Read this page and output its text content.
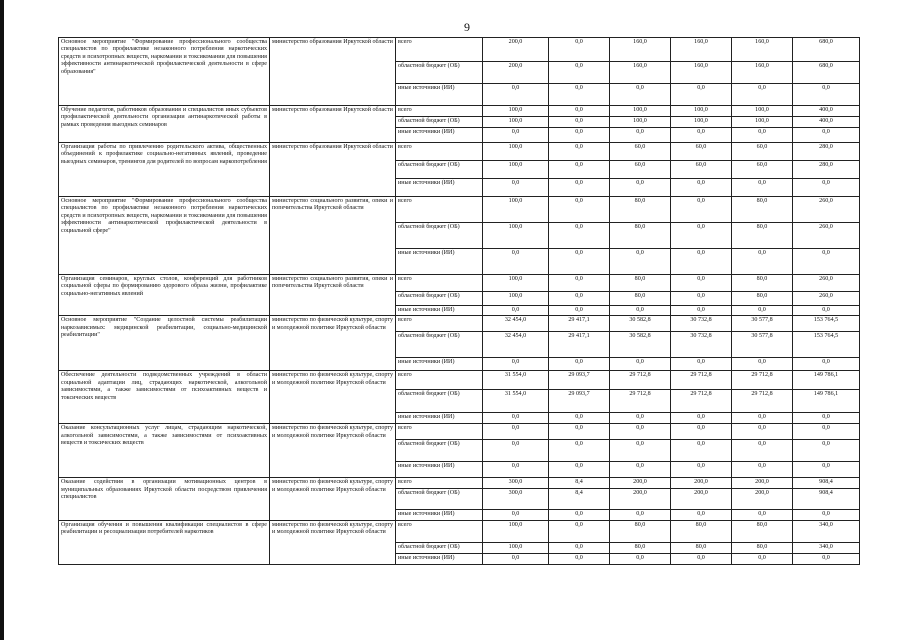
9
Основное мероприятие "Формирование профессионального сообщества специалистов по профилактике незаконного потребления наркотических средств и психотропных веществ, наркомании и токсикомании для повышения эффективности антинаркотической профилактической деятельности в сфере образования"	министерство образования Иркутской области	всего	200,0	0,0	160,0	160,0	160,0	680,0
		областной бюджет (ОБ)	200,0	0,0	160,0	160,0	160,0	680,0
		иные источники (ИИ)	0,0	0,0	0,0	0,0	0,0	0,0
Обучение педагогов, работников образования и специалистов иных субъектов профилактической деятельности организации антинаркотической работы в рамках проведения выездных семинаров	министерство образования Иркутской области	всего	100,0	0,0	100,0	100,0	100,0	400,0
		областной бюджет (ОБ)	100,0	0,0	100,0	100,0	100,0	400,0
		иные источники (ИИ)	0,0	0,0	0,0	0,0	0,0	0,0
Организация работы по привлечению родительского актива, общественных объединений к профилактике социально-негативных явлений, проведение выездных семинаров, тренингов для родителей по вопросам наркопотребления	министерство образования Иркутской области	всего	100,0	0,0	60,0	60,0	60,0	280,0
		областной бюджет (ОБ)	100,0	0,0	60,0	60,0	60,0	280,0
		иные источники (ИИ)	0,0	0,0	0,0	0,0	0,0	0,0
Основное мероприятие "Формирование профессионального сообщества специалистов по профилактике незаконного потребления наркотических средств и психотропных веществ, наркомании и токсикомании для повышения эффективности антинаркотической профилактической деятельности в социальной сфере"	министерство социального развития, опеки и попечительства Иркутской области	всего	100,0	0,0	80,0	0,0	80,0	260,0
		областной бюджет (ОБ)	100,0	0,0	80,0	0,0	80,0	260,0
		иные источники (ИИ)	0,0	0,0	0,0	0,0	0,0	0,0
Организация семинаров, круглых столов, конференций для работников социальной сферы по формированию здорового образа жизни, профилактике социально-негативных явлений	министерство социального развития, опеки и попечительства Иркутской области	всего	100,0	0,0	80,0	0,0	80,0	260,0
		областной бюджет (ОБ)	100,0	0,0	80,0	0,0	80,0	260,0
		иные источники (ИИ)	0,0	0,0	0,0	0,0	0,0	0,0
Основное мероприятие "Создание целостной системы реабилитации наркозависимых: медицинской реабилитации, социально-медицинской реабилитации"	министерство по физической культуре, спорту и молодежной политике Иркутской области	всего	32 454,0	29 417,1	30 582,8	30 732,8	30 577,8	153 764,5
		областной бюджет (ОБ)	32 454,0	29 417,1	30 582,8	30 732,8	30 577,8	153 764,5
		иные источники (ИИ)	0,0	0,0	0,0	0,0	0,0	0,0
Обеспечение деятельности подведомственных учреждений в области социальной адаптации лиц, страдающих наркотической, алкогольной зависимостями, а также зависимостями от психоактивных веществ и токсических веществ	министерство по физической культуре, спорту и молодежной политике Иркутской области	всего	31 554,0	29 093,7	29 712,8	29 712,8	29 712,8	149 786,1
		областной бюджет (ОБ)	31 554,0	29 093,7	29 712,8	29 712,8	29 712,8	149 786,1
		иные источники (ИИ)	0,0	0,0	0,0	0,0	0,0	0,0
Оказание консультационных услуг лицам, страдающим наркотической, алкогольной зависимостями, а также зависимостями от психоактивных веществ и токсических веществ	министерство по физической культуре, спорту и молодежной политике Иркутской области	всего	0,0	0,0	0,0	0,0	0,0	0,0
		областной бюджет (ОБ)	0,0	0,0	0,0	0,0	0,0	0,0
		иные источники (ИИ)	0,0	0,0	0,0	0,0	0,0	0,0
Оказание содействия в организации мотивационных центров в муниципальных образованиях Иркутской области посредством привлечения специалистов	министерство по физической культуре, спорту и молодежной политике Иркутской области	всего	300,0	8,4	200,0	200,0	200,0	908,4
		областной бюджет (ОБ)	300,0	8,4	200,0	200,0	200,0	908,4
		иные источники (ИИ)	0,0	0,0	0,0	0,0	0,0	0,0
Организация обучения и повышения квалификации специалистов в сфере реабилитации и ресоциализации потребителей наркотиков	министерство по физической культуре, спорту и молодежной политике Иркутской области	всего	100,0	0,0	80,0	80,0	80,0	340,0
		областной бюджет (ОБ)	100,0	0,0	80,0	80,0	80,0	340,0
		иные источники (ИИ)	0,0	0,0	0,0	0,0	0,0	0,0
